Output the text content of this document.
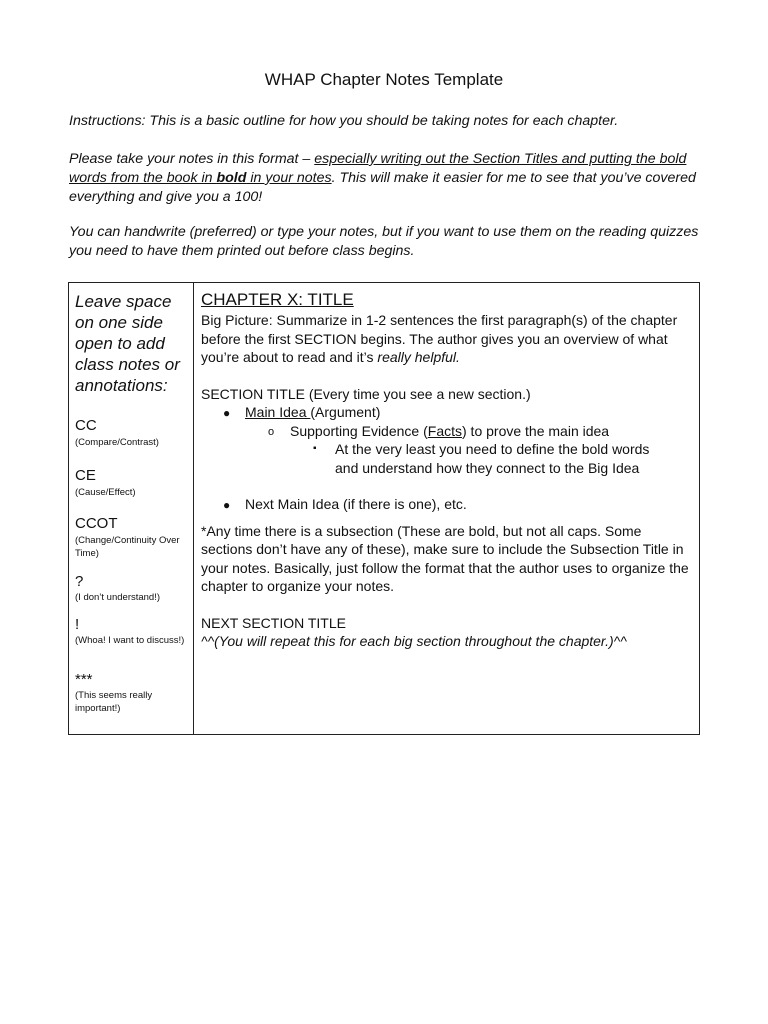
WHAP Chapter Notes Template
Instructions: This is a basic outline for how you should be taking notes for each chapter.
Please take your notes in this format – especially writing out the Section Titles and putting the bold words from the book in bold in your notes. This will make it easier for me to see that you’ve covered everything and give you a 100!
You can handwrite (preferred) or type your notes, but if you want to use them on the reading quizzes you need to have them printed out before class begins.
Leave space on one side open to add class notes or annotations:
CC
(Compare/Contrast)
CE
(Cause/Effect)
CCOT
(Change/Continuity Over Time)
?
(I don’t understand!)
!
(Whoa! I want to discuss!)
***
(This seems really important!)
CHAPTER X: TITLE
Big Picture: Summarize in 1-2 sentences the first paragraph(s) of the chapter before the first SECTION begins. The author gives you an overview of what you’re about to read and it’s really helpful.
SECTION TITLE (Every time you see a new section.)
● Main Idea (Argument)
o Supporting Evidence (Facts) to prove the main idea
▪ At the very least you need to define the bold words
and understand how they connect to the Big Idea
● Next Main Idea (if there is one), etc.
*Any time there is a subsection (These are bold, but not all caps. Some sections don’t have any of these), make sure to include the Subsection Title in your notes. Basically, just follow the format that the author uses to organize the chapter to organize your notes.
NEXT SECTION TITLE
^^(You will repeat this for each big section throughout the chapter.)^^
